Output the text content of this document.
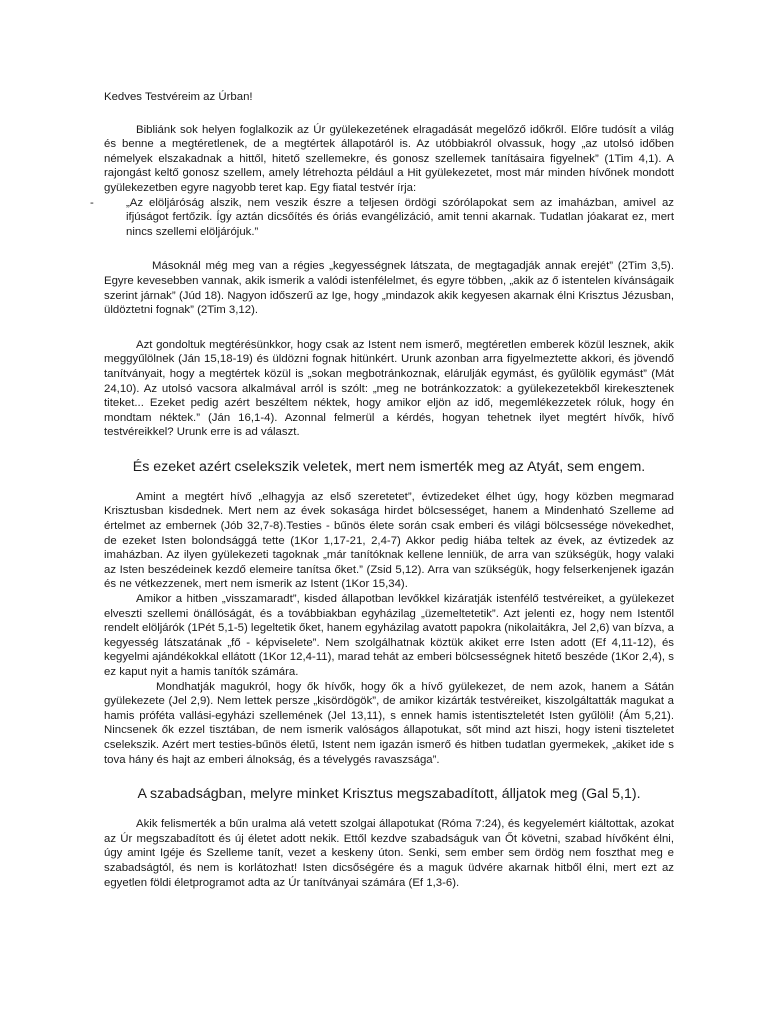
Kedves Testvéreim az Úrban!

Bibliánk sok helyen foglalkozik az Úr gyülekezetének elragadását megelőző időkről. Előre tudósít a világ és benne a megtéretlenek, de a megtértek állapotáról is. Az utóbbiakról olvassuk, hogy „az utolsó időben némelyek elszakadnak a hittől, hitető szellemekre, és gonosz szellemek tanításaira figyelnek” (1Tim 4,1). A rajongást keltő gonosz szellem, amely létrehozta például a Hit gyülekezetet, most már minden hívőnek mondott gyülekezetben egyre nagyobb teret kap. Egy fiatal testvér írja:

-	„Az elöljáróság alszik, nem veszik észre a teljesen ördögi szórólapokat sem az imaházban, amivel az ifjúságot fertőzik. Így aztán dicsőítés és óriás evangélizáció, amit tenni akarnak. Tudatlan jóakarat ez, mert nincs szellemi elöljárójuk.”

Másoknál még meg van a régies „kegyességnek látszata, de megtagadják annak erejét” (2Tim 3,5). Egyre kevesebben vannak, akik ismerik a valódi istenfélelmet, és egyre többen, „akik az ő istentelen kívánságaik szerint járnak” (Júd 18). Nagyon időszerű az Ige, hogy „mindazok akik kegyesen akarnak élni Krisztus Jézusban, üldöztetni fognak” (2Tim 3,12).

Azt gondoltuk megtérésünkkor, hogy csak az Istent nem ismerő, megtéretlen emberek közül lesznek, akik meggyűlölnek (Ján 15,18-19) és üldözni fognak hitünkért. Urunk azonban arra figyelmeztette akkori, és jövendő tanítványait, hogy a megtértek közül is „sokan megbotránkoznak, elárulják egymást, és gyűlölik egymást” (Mát 24,10). Az utolsó vacsora alkalmával arról is szólt: „meg ne botránkozzatok: a gyülekezetekből kirekesztenek titeket... Ezeket pedig azért beszéltem néktek, hogy amikor eljön az idő, megemlékezzetek róluk, hogy én mondtam néktek.” (Ján 16,1-4). Azonnal felmerül a kérdés, hogyan tehetnek ilyet megtért hívők, hívő testvéreikkel? Urunk erre is ad választ.

És ezeket azért cselekszik veletek, mert nem ismerték meg az Atyát, sem engem.

Amint a megtért hívő „elhagyja az első szeretetet”, évtizedeket élhet úgy, hogy közben megmarad Krisztusban kisdednek. Mert nem az évek sokasága hirdet bölcsességet, hanem a Mindenható Szelleme ad értelmet az embernek (Jób 32,7-8).Testies - bűnös élete során csak emberi és világi bölcsessége növekedhet, de ezeket Isten bolondsággá tette (1Kor 1,17-21, 2,4-7) Akkor pedig hiába teltek az évek, az évtizedek az imaházban. Az ilyen gyülekezeti tagoknak „már tanítóknak kellene lenniük, de arra van szükségük, hogy valaki az Isten beszédeinek kezdő elemeire tanítsa őket.” (Zsid 5,12). Arra van szükségük, hogy felserkenjenek igazán és ne vétkezzenek, mert nem ismerik az Istent (1Kor 15,34).

Amikor a hitben „visszamaradt”, kisded állapotban levőkkel kizáratják istenfélő testvéreiket, a gyülekezet elveszti szellemi önállóságát, és a továbbiakban egyházilag „üzemeltetetik”. Azt jelenti ez, hogy nem Istentől rendelt elöljárók (1Pét 5,1-5) legeltetik őket, hanem egyházilag avatott papokra (nikolaitákra, Jel 2,6) van bízva, a kegyesség látszatának „fő - képviselete”. Nem szolgálhatnak köztük akiket erre Isten adott (Ef 4,11-12), és kegyelmi ajándékokkal ellátott (1Kor 12,4-11), marad tehát az emberi bölcsességnek hitető beszéde (1Kor 2,4), s ez kaput nyit a hamis tanítók számára.

Mondhatják magukról, hogy ők hívők, hogy ők a hívő gyülekezet, de nem azok, hanem a Sátán gyülekezete (Jel 2,9). Nem lettek persze „kisördögök”, de amikor kizárták testvéreiket, kiszolgáltatták magukat a hamis próféta vallási-egyházi szellemének (Jel 13,11), s ennek hamis istentiszteletét Isten gyűlöli! (Ám 5,21). Nincsenek ők ezzel tisztában, de nem ismerik valóságos állapotukat, sőt mind azt hiszi, hogy isteni tiszteletet cselekszik. Azért mert testies-bűnös életű, Istent nem igazán ismerő és hitben tudatlan gyermekek, „akiket ide s tova hány és hajt az emberi álnokság, és a tévelygés ravaszsága”.

A szabadságban, melyre minket Krisztus megszabadított, álljatok meg (Gal 5,1).

Akik felismerték a bűn uralma alá vetett szolgai állapotukat (Róma 7:24), és kegyelemért kiáltottak, azokat az Úr megszabadított és új életet adott nekik. Ettől kezdve szabadságuk van Őt követni, szabad hívőként élni, úgy amint Igéje és Szelleme tanít, vezet a keskeny úton. Senki, sem ember sem ördög nem foszthat meg e szabadságtól, és nem is korlátozhat! Isten dicsőségére és a maguk üdvére akarnak hitből élni, mert ezt az egyetlen földi életprogramot adta az Úr tanítványai számára (Ef 1,3-6).
